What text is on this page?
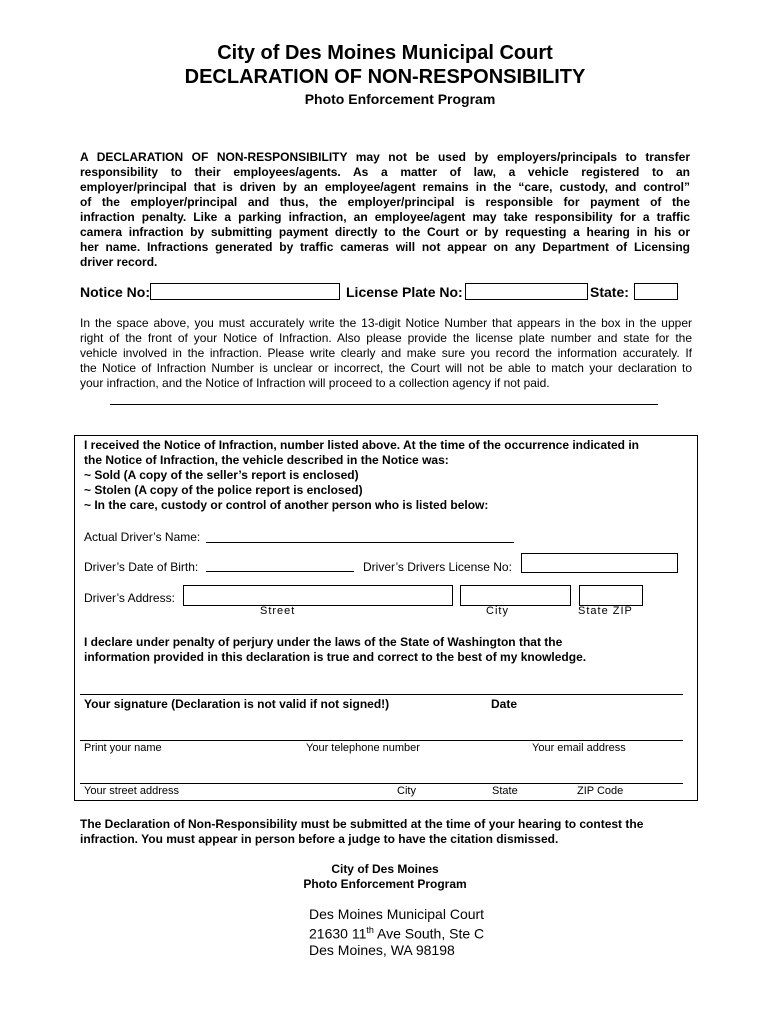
City of Des Moines Municipal Court
DECLARATION OF NON-RESPONSIBILITY
Photo Enforcement Program
A DECLARATION OF NON-RESPONSIBILITY may not be used by employers/principals to transfer
responsibility to their employees/agents. As a matter of law, a vehicle registered to an
employer/principal that is driven by an employee/agent remains in the “care, custody, and control”
of the employer/principal and thus, the employer/principal is responsible for payment of the
infraction penalty. Like a parking infraction, an employee/agent may take responsibility for a traffic
camera infraction by submitting payment directly to the Court or by requesting a hearing in his or
her name. Infractions generated by traffic cameras will not appear on any Department of Licensing
driver record.
Notice No:	License Plate No:	State:
In the space above, you must accurately write the 13-digit Notice Number that appears in the box in the upper
right of the front of your Notice of Infraction. Also please provide the license plate number and state for the
vehicle involved in the infraction. Please write clearly and make sure you record the information accurately. If
the Notice of Infraction Number is unclear or incorrect, the Court will not be able to match your declaration to
your infraction, and the Notice of Infraction will proceed to a collection agency if not paid.
I received the Notice of Infraction, number listed above. At the time of the occurrence indicated in
the Notice of Infraction, the vehicle described in the Notice was:
~ Sold (A copy of the seller’s report is enclosed)
~ Stolen (A copy of the police report is enclosed)
~ In the care, custody or control of another person who is listed below:
Actual Driver’s Name:
Driver’s Date of Birth:	Driver’s Drivers License No:
Driver’s Address:
Street	City	State ZIP
I declare under penalty of perjury under the laws of the State of Washington that the
information provided in this declaration is true and correct to the best of my knowledge.
Your signature (Declaration is not valid if not signed!)	Date
Print your name	Your telephone number	Your email address
Your street address	City	State	ZIP Code
The Declaration of Non-Responsibility must be submitted at the time of your hearing to contest the
infraction. You must appear in person before a judge to have the citation dismissed.
City of Des Moines
Photo Enforcement Program
Des Moines Municipal Court
21630 11th Ave South, Ste C
Des Moines, WA 98198
